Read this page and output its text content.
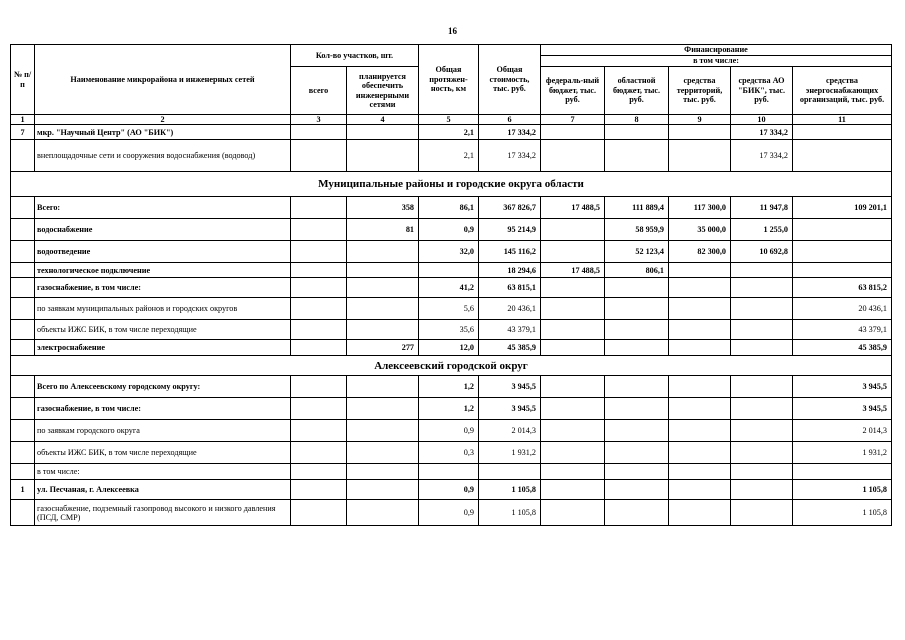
16
№ п/п	Наименование микрорайона и инженерных сетей	Кол-во участков, шт.		Общая протяжен-ность, км	Общая стоимость, тыс. руб.	Финансирование				
						в том числе:				
		всего	планируется обеспечить инженерными сетями			федераль-ный бюджет, тыс. руб.	областной бюджет, тыс. руб.	средства территорий, тыс. руб.	средства АО "БИК", тыс. руб.	средства энергоснабжающих организаций, тыс. руб.
1	2	3	4	5	6	7	8	9	10	11
7	мкр. "Научный Центр" (АО "БИК")			2,1	17 334,2				17 334,2	
	внеплощадочные сети и сооружения водоснабжения (водовод)			2,1	17 334,2				17 334,2	
Муниципальные районы и городские округа области										
	Всего:		358	86,1	367 826,7	17 488,5	111 889,4	117 300,0	11 947,8	109 201,1
	водоснабжение		81	0,9	95 214,9		58 959,9	35 000,0	1 255,0	
	водоотведение			32,0	145 116,2		52 123,4	82 300,0	10 692,8	
	технологическое подключение				18 294,6	17 488,5	806,1			
	газоснабжение, в том числе:			41,2	63 815,1					63 815,2
	по заявкам муниципальных районов и городских округов			5,6	20 436,1					20 436,1
	объекты ИЖС БИК, в том числе переходящие			35,6	43 379,1					43 379,1
	электроснабжение		277	12,0	45 385,9					45 385,9
Алексеевский городской округ										
	Всего по Алексеевскому городскому округу:			1,2	3 945,5					3 945,5
	газоснабжение, в том числе:			1,2	3 945,5					3 945,5
	по заявкам городского округа			0,9	2 014,3					2 014,3
	объекты ИЖС БИК, в том числе переходящие			0,3	1 931,2					1 931,2
	в том числе:									
1	ул. Песчаная, г. Алексеевка			0,9	1 105,8					1 105,8
	газоснабжение, подземный газопровод высокого и низкого давления (ПСД, СМР)			0,9	1 105,8					1 105,8
